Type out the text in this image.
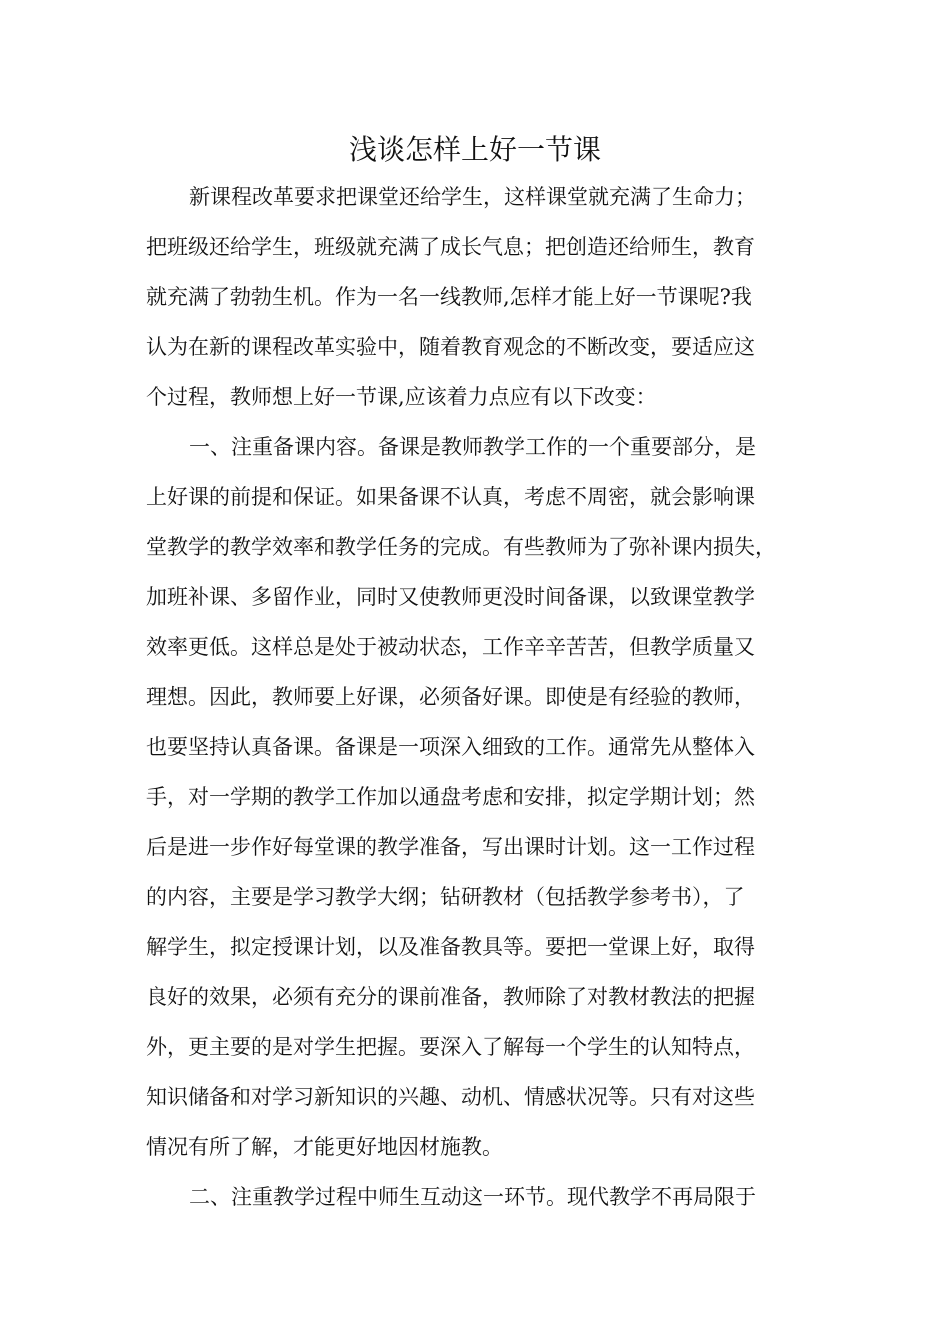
浅谈怎样上好一节课

新课程改革要求把课堂还给学生，这样课堂就充满了生命力；

把班级还给学生，班级就充满了成长气息；把创造还给师生，教育

就充满了勃勃生机。作为一名一线教师,怎样才能上好一节课呢?我

认为在新的课程改革实验中，随着教育观念的不断改变，要适应这

个过程，教师想上好一节课,应该着力点应有以下改变：

一、注重备课内容。备课是教师教学工作的一个重要部分，是

上好课的前提和保证。如果备课不认真，考虑不周密，就会影响课

堂教学的教学效率和教学任务的完成。有些教师为了弥补课内损失，

加班补课、多留作业，同时又使教师更没时间备课，以致课堂教学

效率更低。这样总是处于被动状态，工作辛辛苦苦，但教学质量又

理想。因此，教师要上好课，必须备好课。即使是有经验的教师，

也要坚持认真备课。备课是一项深入细致的工作。通常先从整体入

手，对一学期的教学工作加以通盘考虑和安排，拟定学期计划；然

后是进一步作好每堂课的教学准备，写出课时计划。这一工作过程

的内容，主要是学习教学大纲；钻研教材（包括教学参考书），了

解学生，拟定授课计划，以及准备教具等。要把一堂课上好，取得

良好的效果，必须有充分的课前准备，教师除了对教材教法的把握

外，更主要的是对学生把握。要深入了解每一个学生的认知特点，

知识储备和对学习新知识的兴趣、动机、情感状况等。只有对这些

情况有所了解，才能更好地因材施教。

二、注重教学过程中师生互动这一环节。现代教学不再局限于
